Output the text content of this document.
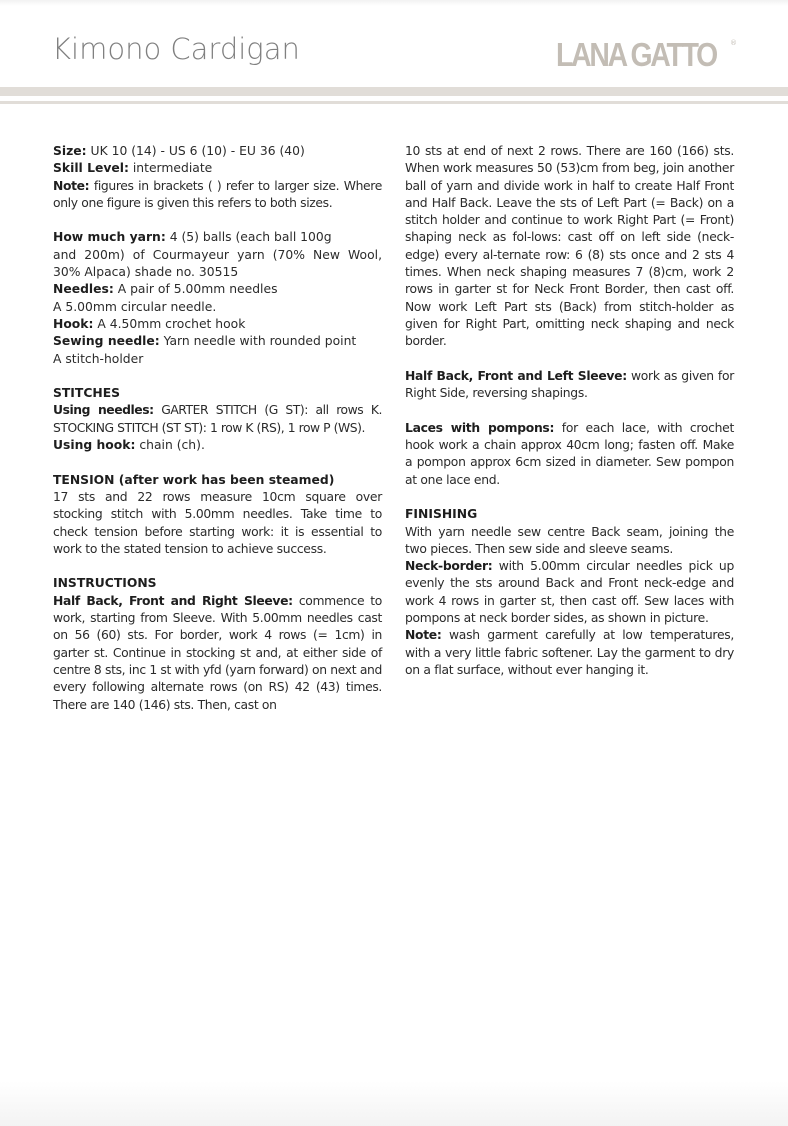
Kimono Cardigan	LANA GATTO ®

Size: UK 10 (14) - US 6 (10) - EU 36 (40)

Skill Level: intermediate

Note: figures in brackets ( ) refer to larger size. Where only one figure is given this refers to both sizes.

How much yarn: 4 (5) balls (each ball 100g

and 200m) of Courmayeur yarn (70% New Wool, 30% Alpaca) shade no. 30515

Needles: A pair of 5.00mm needles

A 5.00mm circular needle.

Hook: A 4.50mm crochet hook

Sewing needle: Yarn needle with rounded point

A stitch-holder

STITCHES

Using needles: GARTER STITCH (G ST): all rows K. STOCKING STITCH (ST ST): 1 row K (RS), 1 row P (WS).

Using hook: chain (ch).

TENSION (after work has been steamed)

17 sts and 22 rows measure 10cm square over stocking stitch with 5.00mm needles. Take time to check tension before starting work: it is essential to work to the stated tension to achieve success.

INSTRUCTIONS

Half Back, Front and Right Sleeve: commence to work, starting from Sleeve. With 5.00mm needles cast on 56 (60) sts. For border, work 4 rows (= 1cm) in garter st. Continue in stocking st and, at either side of centre 8 sts, inc 1 st with yfd (yarn forward) on next and every following alternate rows (on RS) 42 (43) times. There are 140 (146) sts. Then, cast on

10 sts at end of next 2 rows. There are 160 (166) sts. When work measures 50 (53)cm from beg, join another ball of yarn and divide work in half to create Half Front and Half Back. Leave the sts of Left Part (= Back) on a stitch holder and continue to work Right Part (= Front) shaping neck as fol-lows: cast off on left side (neck-edge) every al-ternate row: 6 (8) sts once and 2 sts 4 times. When neck shaping measures 7 (8)cm, work 2 rows in garter st for Neck Front Border, then cast off. Now work Left Part sts (Back) from stitch-holder as given for Right Part, omitting neck shaping and neck border.

Half Back, Front and Left Sleeve: work as given for Right Side, reversing shapings.

Laces with pompons: for each lace, with crochet hook work a chain approx 40cm long; fasten off. Make a pompon approx 6cm sized in diameter. Sew pompon at one lace end.

FINISHING

With yarn needle sew centre Back seam, joining the two pieces. Then sew side and sleeve seams.

Neck-border: with 5.00mm circular needles pick up evenly the sts around Back and Front neck-edge and work 4 rows in garter st, then cast off. Sew laces with pompons at neck border sides, as shown in picture.

Note: wash garment carefully at low temperatures, with a very little fabric softener. Lay the garment to dry on a flat surface, without ever hanging it.
